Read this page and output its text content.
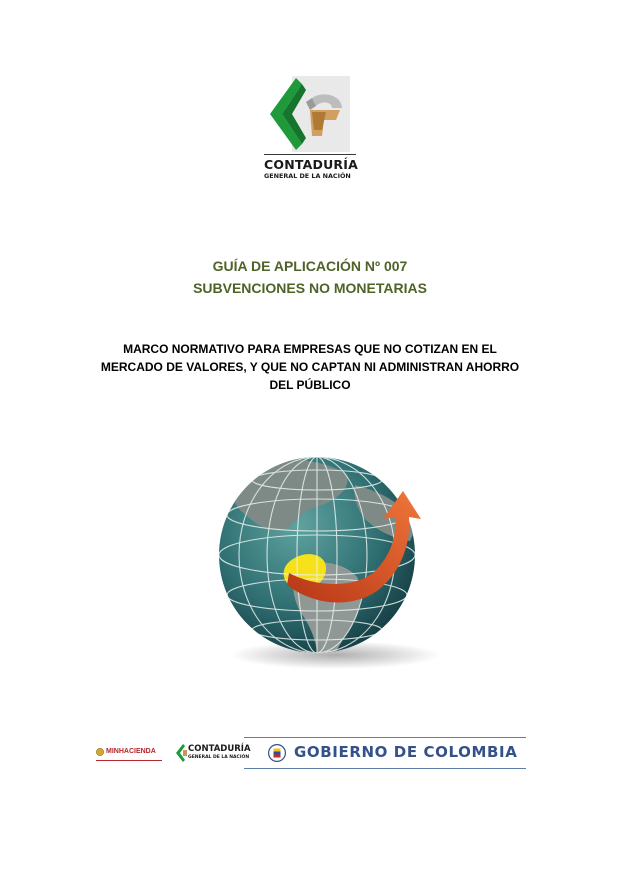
CONTADURÍA
GENERAL DE LA NACIÓN
GUÍA DE APLICACIÓN Nº 007
SUBVENCIONES NO MONETARIAS
MARCO NORMATIVO PARA EMPRESAS QUE NO COTIZAN EN EL
MERCADO DE VALORES, Y QUE NO CAPTAN NI ADMINISTRAN AHORRO
DEL PÚBLICO
MINHACIENDA	CONTADURÍA
GENERAL DE LA NACIÓN	GOBIERNO DE COLOMBIA
